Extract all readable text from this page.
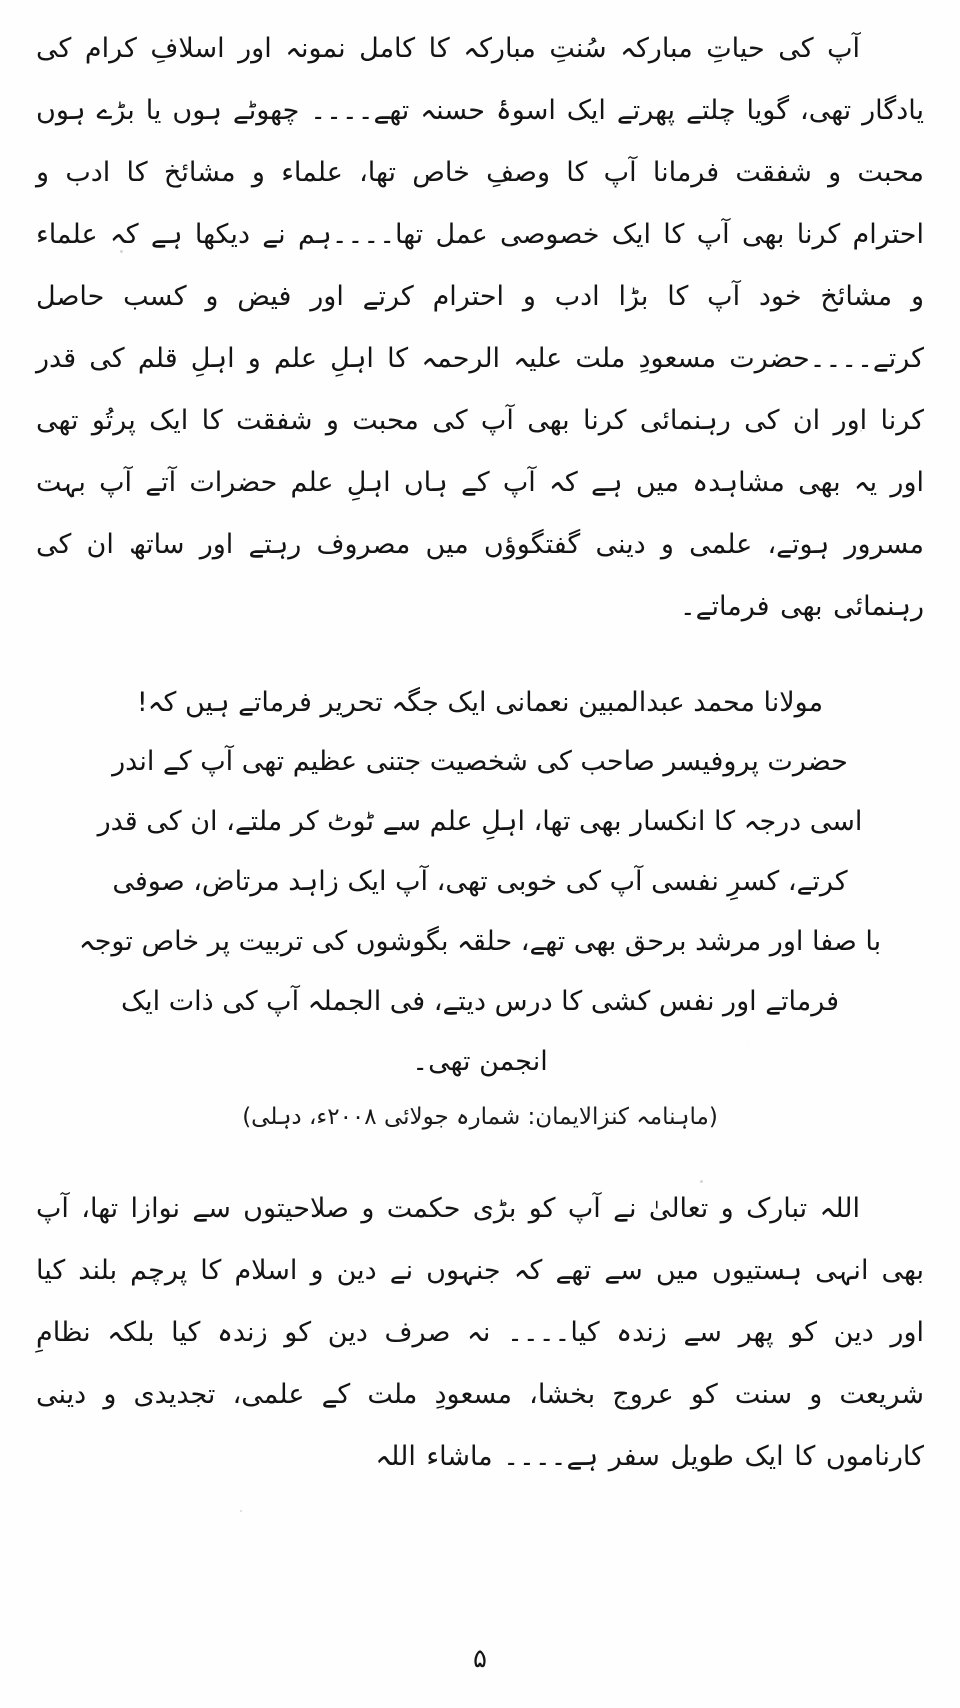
آپ کی حیاتِ مبارکہ سُنتِ مبارکہ کا کامل نمونہ اور اسلافِ کرام کی یادگار تھی، گویا چلتے پھرتے ایک اسوۂ حسنہ تھے۔۔۔۔ چھوٹے ہوں یا بڑے ہوں محبت و شفقت فرمانا آپ کا وصفِ خاص تھا، علماء و مشائخ کا ادب و احترام کرنا بھی آپ کا ایک خصوصی عمل تھا۔۔۔۔ہم نے دیکھا ہے کہ علماء و مشائخ خود آپ کا بڑا ادب و احترام کرتے اور فیض و کسب حاصل کرتے۔۔۔۔حضرت مسعودِ ملت علیہ الرحمہ کا اہلِ علم و اہلِ قلم کی قدر کرنا اور ان کی رہنمائی کرنا بھی آپ کی محبت و شفقت کا ایک پرتُو تھی اور یہ بھی مشاہدہ میں ہے کہ آپ کے ہاں اہلِ علم حضرات آتے آپ بہت مسرور ہوتے، علمی و دینی گفتگوؤں میں مصروف رہتے اور ساتھ ان کی رہنمائی بھی فرماتے۔

مولانا محمد عبدالمبین نعمانی ایک جگہ تحریر فرماتے ہیں کہ!

حضرت پروفیسر صاحب کی شخصیت جتنی عظیم تھی آپ کے اندر
اسی درجہ کا انکسار بھی تھا، اہلِ علم سے ٹوٹ کر ملتے، ان کی قدر
کرتے، کسرِ نفسی آپ کی خوبی تھی، آپ ایک زاہد مرتاض، صوفی
با صفا اور مرشد برحق بھی تھے، حلقہ بگوشوں کی تربیت پر خاص توجہ
فرماتے اور نفس کشی کا درس دیتے، فی الجملہ آپ کی ذات ایک
انجمن تھی۔

(ماہنامہ کنزالایمان: شمارہ جولائی ۲۰۰۸ء، دہلی)

اللہ تبارک و تعالیٰ نے آپ کو بڑی حکمت و صلاحیتوں سے نوازا تھا، آپ بھی انہی ہستیوں میں سے تھے کہ جنہوں نے دین و اسلام کا پرچم بلند کیا اور دین کو پھر سے زندہ کیا۔۔۔۔ نہ صرف دین کو زندہ کیا بلکہ نظامِ شریعت و سنت کو عروج بخشا، مسعودِ ملت کے علمی، تجدیدی و دینی کارناموں کا ایک طویل سفر ہے۔۔۔۔ ماشاء اللہ

۵
